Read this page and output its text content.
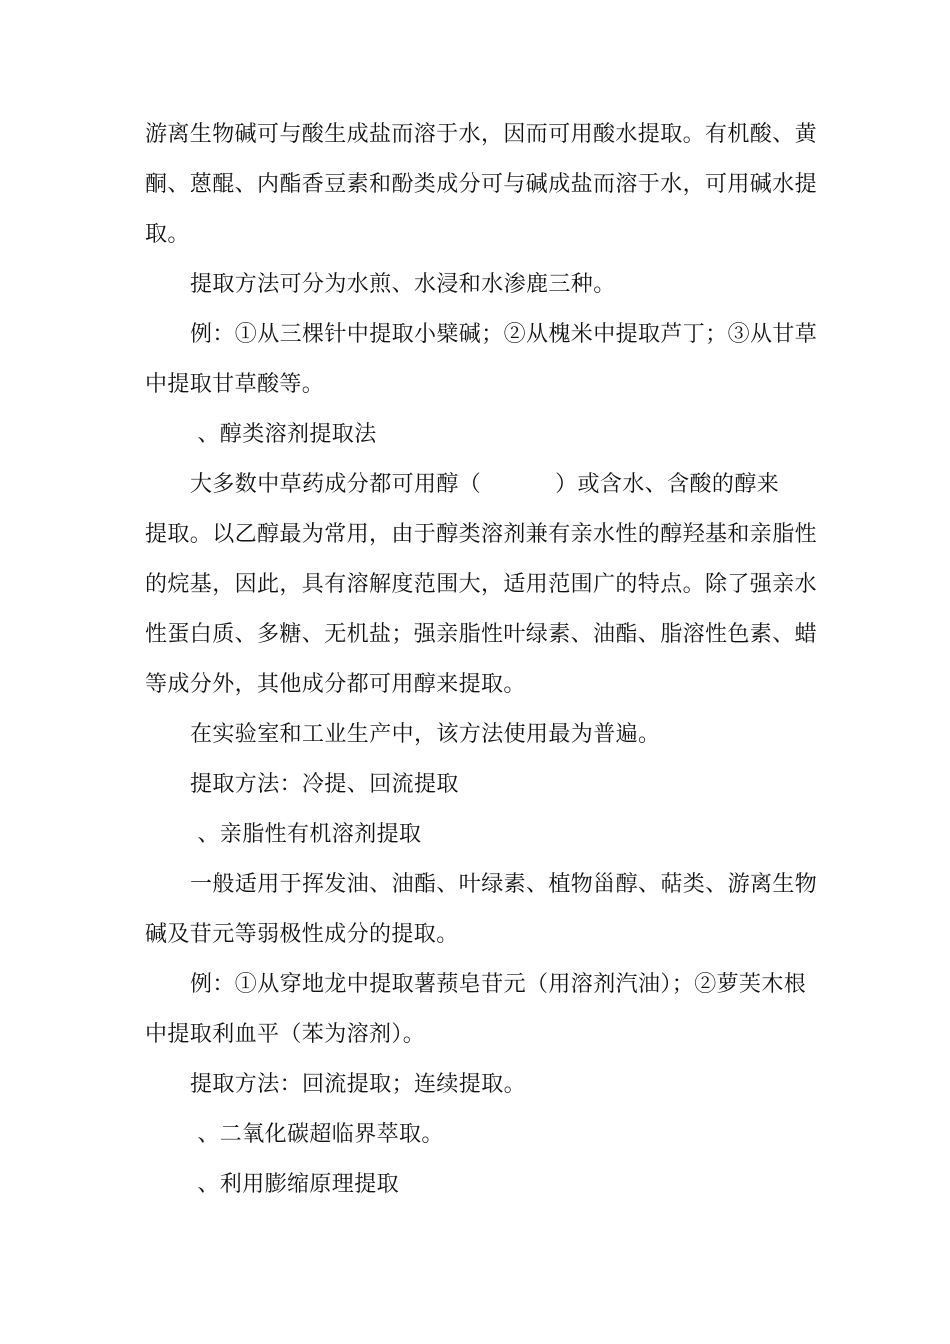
游离生物碱可与酸生成盐而溶于水，因而可用酸水提取。有机酸、黄
酮、蒽醌、内酯香豆素和酚类成分可与碱成盐而溶于水，可用碱水提
取。
提取方法可分为水煎、水浸和水渗鹿三种。
例：①从三棵针中提取小檗碱；②从槐米中提取芦丁；③从甘草
中提取甘草酸等。
、醇类溶剂提取法
大多数中草药成分都可用醇（          ）或含水、含酸的醇来
提取。以乙醇最为常用，由于醇类溶剂兼有亲水性的醇羟基和亲脂性
的烷基，因此，具有溶解度范围大，适用范围广的特点。除了强亲水
性蛋白质、多糖、无机盐；强亲脂性叶绿素、油酯、脂溶性色素、蜡
等成分外，其他成分都可用醇来提取。
在实验室和工业生产中，该方法使用最为普遍。
提取方法：冷提、回流提取
、亲脂性有机溶剂提取
一般适用于挥发油、油酯、叶绿素、植物甾醇、萜类、游离生物
碱及苷元等弱极性成分的提取。
例：①从穿地龙中提取薯蓣皂苷元（用溶剂汽油）；②萝芙木根
中提取利血平（苯为溶剂）。
提取方法：回流提取；连续提取。
、二氧化碳超临界萃取。
、利用膨缩原理提取
